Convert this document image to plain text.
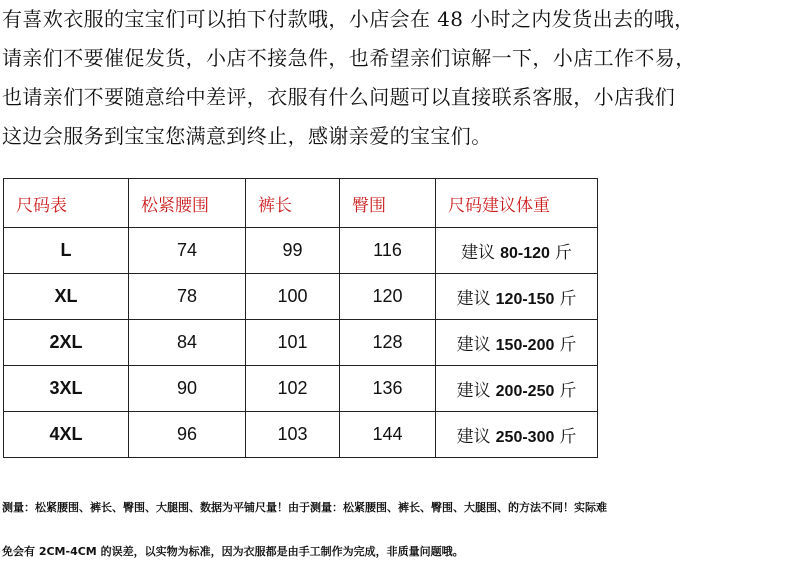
有喜欢衣服的宝宝们可以拍下付款哦，小店会在 48 小时之内发货出去的哦，
请亲们不要催促发货，小店不接急件，也希望亲们谅解一下，小店工作不易，
也请亲们不要随意给中差评，衣服有什么问题可以直接联系客服，小店我们
这边会服务到宝宝您满意到终止，感谢亲爱的宝宝们。
尺码表	松紧腰围	裤长	臀围	尺码建议体重
L	74	99	116	建议 80-120 斤
XL	78	100	120	建议 120-150 斤
2XL	84	101	128	建议 150-200 斤
3XL	90	102	136	建议 200-250 斤
4XL	96	103	144	建议 250-300 斤
测量：松紧腰围、裤长、臀围、大腿围、数据为平铺尺量！由于测量：松紧腰围、裤长、臀围、大腿围、的方法不同！实际难
免会有 2CM-4CM 的误差，以实物为标准，因为衣服都是由手工制作为完成，非质量问题哦。
